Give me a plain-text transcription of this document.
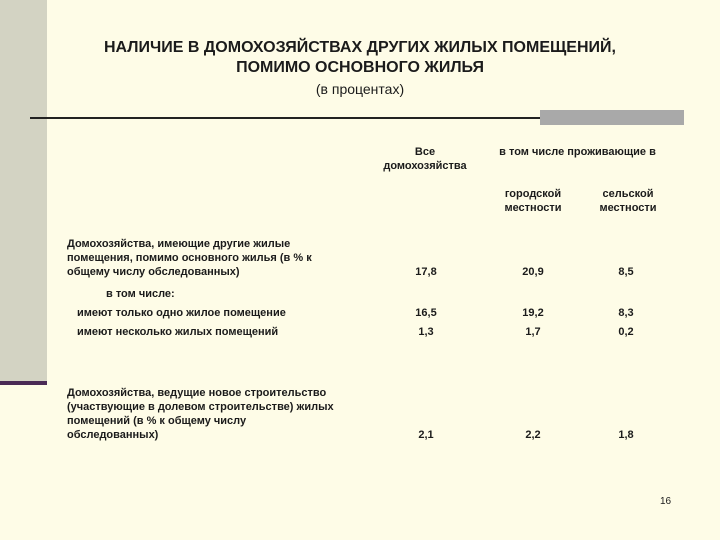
НАЛИЧИЕ В ДОМОХОЗЯЙСТВАХ ДРУГИХ ЖИЛЫХ ПОМЕЩЕНИЙ,
ПОМИМО ОСНОВНОГО ЖИЛЬЯ
(в процентах)
Все
домохозяйства
в том числе проживающие в
городской
местности
сельской
местности
Домохозяйства, имеющие другие жилые
помещения, помимо основного жилья (в % к
общему числу обследованных)	17,8	20,9	8,5
в том числе:
имеют только одно жилое помещение	16,5	19,2	8,3
имеют несколько жилых помещений	1,3	1,7	0,2
Домохозяйства, ведущие новое строительство
(участвующие в долевом строительстве) жилых
помещений (в % к общему числу
обследованных)	2,1	2,2	1,8
16
